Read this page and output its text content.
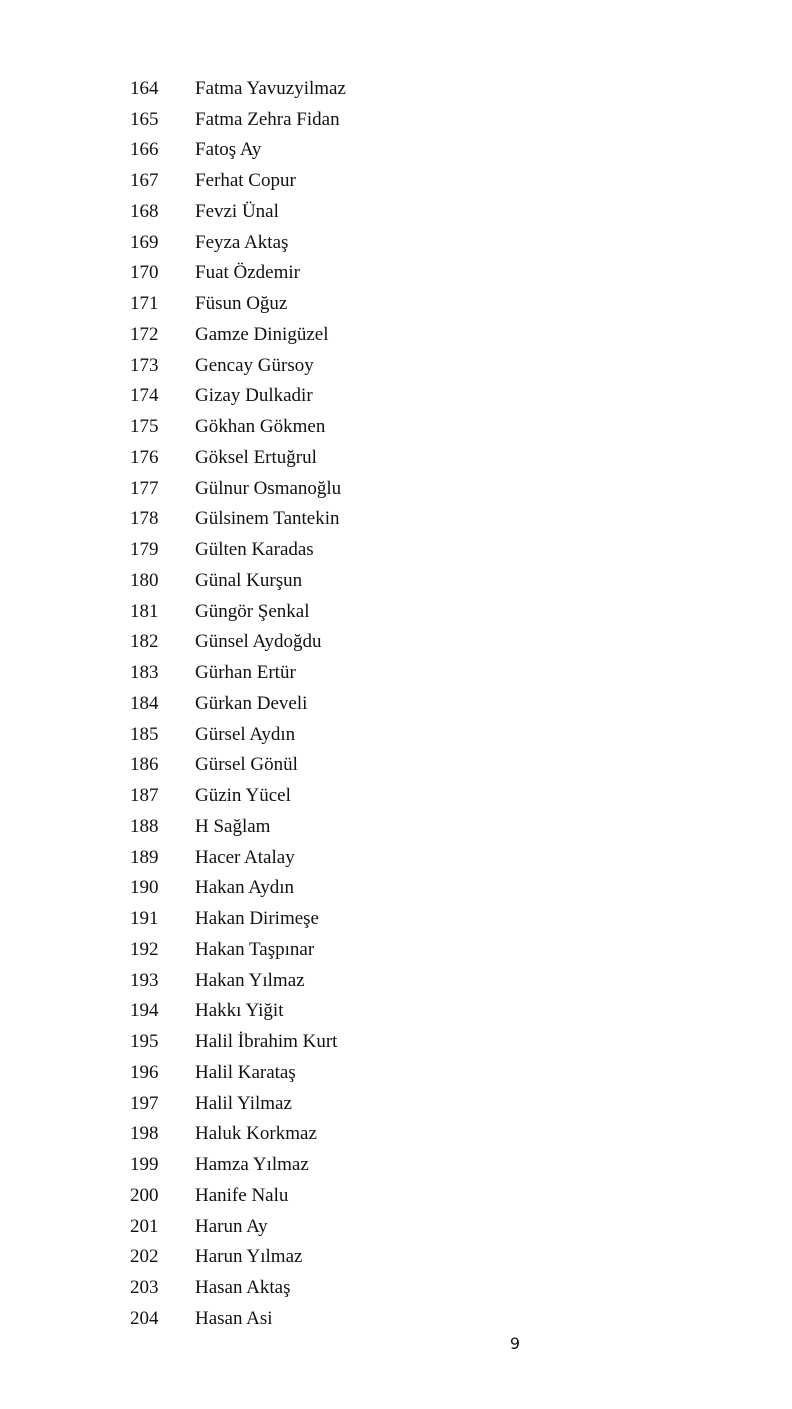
164	Fatma Yavuzyilmaz
165	Fatma Zehra Fidan
166	Fatoş Ay
167	Ferhat Copur
168	Fevzi Ünal
169	Feyza Aktaş
170	Fuat Özdemir
171	Füsun Oğuz
172	Gamze Dinigüzel
173	Gencay Gürsoy
174	Gizay Dulkadir
175	Gökhan Gökmen
176	Göksel Ertuğrul
177	Gülnur Osmanoğlu
178	Gülsinem Tantekin
179	Gülten Karadas
180	Günal Kurşun
181	Güngör Şenkal
182	Günsel Aydoğdu
183	Gürhan Ertür
184	Gürkan Develi
185	Gürsel Aydın
186	Gürsel Gönül
187	Güzin Yücel
188	H Sağlam
189	Hacer Atalay
190	Hakan Aydın
191	Hakan Dirimeşe
192	Hakan Taşpınar
193	Hakan Yılmaz
194	Hakkı Yiğit
195	Halil İbrahim Kurt
196	Halil Karataş
197	Halil Yilmaz
198	Haluk Korkmaz
199	Hamza Yılmaz
200	Hanife Nalu
201	Harun Ay
202	Harun Yılmaz
203	Hasan Aktaş
204	Hasan Asi
9
